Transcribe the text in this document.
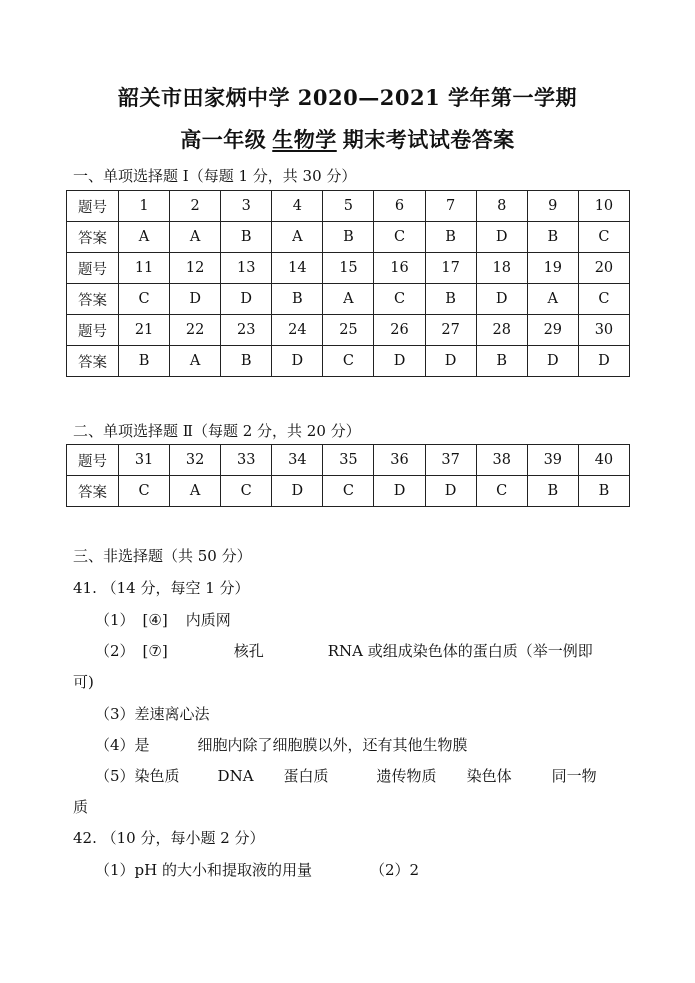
韶关市田家炳中学 2020—2021 学年第一学期
高一年级 生物学 期末考试试卷答案
一、单项选择题 Ⅰ（每题 1 分，共 30 分）
题号	1	2	3	4	5	6	7	8	9	10
答案	A	A	B	A	B	C	B	D	B	C
题号	11	12	13	14	15	16	17	18	19	20
答案	C	D	D	B	A	C	B	D	A	C
题号	21	22	23	24	25	26	27	28	29	30
答案	B	A	B	D	C	D	D	B	D	D
二、单项选择题 Ⅱ（每题 2 分，共 20 分）
题号	31	32	33	34	35	36	37	38	39	40
答案	C	A	C	D	C	D	D	C	B	B
三、非选择题（共 50 分）
41. （14 分，每空 1 分）
（1） [④] 内质网
（2） [⑦]	核孔	RNA 或组成染色体的蛋白质（举一例即
可)
（3）差速离心法
（4）是	细胞内除了细胞膜以外，还有其他生物膜
（5）染色质	DNA 蛋白质	遗传物质 染色体	同一物
质
42. （10 分，每小题 2 分）
（1）pH 的大小和提取液的用量	（2）2
